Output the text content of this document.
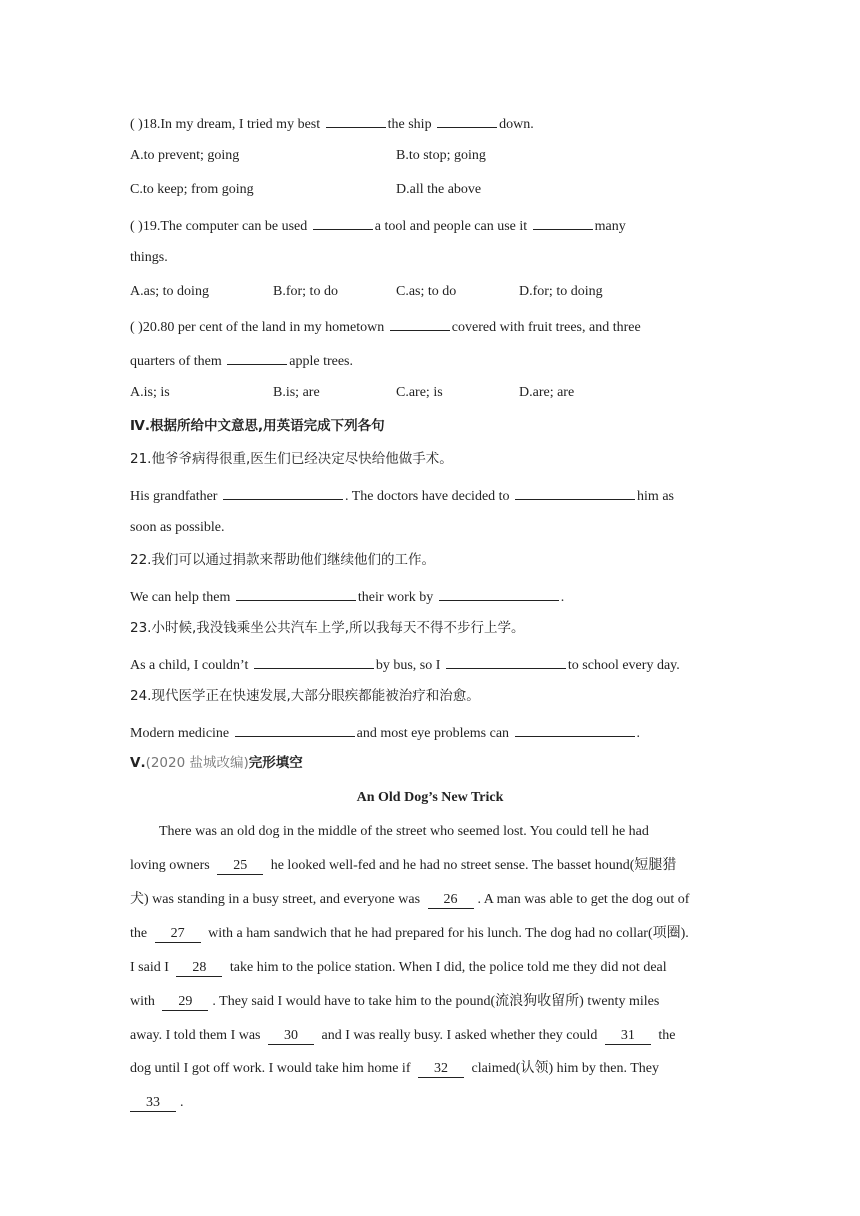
( )18.In my dream, I tried my best	the ship	down.
A.to prevent; going	B.to stop; going
C.to keep; from going	D.all the above
( )19.The computer can be used	a tool and people can use it	many
things.
A.as; to doing	B.for; to do	C.as; to do	D.for; to doing
( )20.80 per cent of the land in my hometown	covered with fruit trees, and three
quarters of them	apple trees.
A.is; is	B.is; are	C.are; is	D.are; are
Ⅳ.根据所给中文意思,用英语完成下列各句
21.他爷爷病得很重,医生们已经决定尽快给他做手术。
His grandfather	. The doctors have decided to	him as
soon as possible.
22.我们可以通过捐款来帮助他们继续他们的工作。
We can help them	their work by	.
23.小时候,我没钱乘坐公共汽车上学,所以我每天不得不步行上学。
As a child, I couldn’t	by bus, so I	to school every day.
24.现代医学正在快速发展,大部分眼疾都能被治疗和治愈。
Modern medicine	and most eye problems can	.
Ⅴ.(2020 盐城改编)完形填空
An Old Dog’s New Trick
There was an old dog in the middle of the street who seemed lost. You could tell he had
loving owners 25 he looked well-fed and he had no street sense. The basset hound(短腿猎
犬) was standing in a busy street, and everyone was 26 . A man was able to get the dog out of
the 27 with a ham sandwich that he had prepared for his lunch. The dog had no collar(项圈).
I said I 28 take him to the police station. When I did, the police told me they did not deal
with 29 . They said I would have to take him to the pound(流浪狗收留所) twenty miles
away. I told them I was 30 and I was really busy. I asked whether they could 31 the
dog until I got off work. I would take him home if 32 claimed(认领) him by then. They
33 .
